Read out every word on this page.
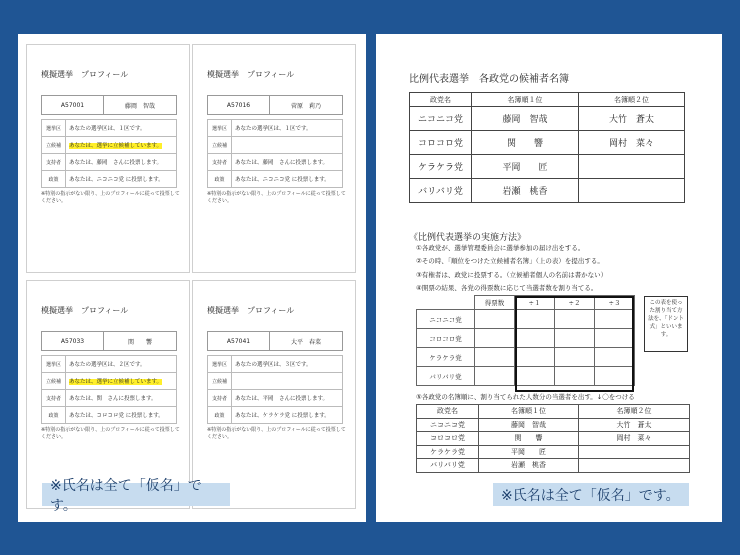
模擬選挙　プロフィール
A57001	藤岡　智哉
選挙区	あなたの選挙区は、１区です。
立候補	あなたは、選挙に立候補しています。
支持者	あなたは、藤岡　さんに投票します。
政策	あなたは、ニコニコ党 に投票します。
※特別の指示がない限り、上のプロフィールに従って投票してください。
模擬選挙　プロフィール
A57016	菅原　莉乃
選挙区	あなたの選挙区は、１区です。
立候補	
支持者	あなたは、藤岡　さんに投票します。
政策	あなたは、ニコニコ党 に投票します。
※特別の指示がない限り、上のプロフィールに従って投票してください。
模擬選挙　プロフィール
A57033	関　　響
選挙区	あなたの選挙区は、２区です。
立候補	あなたは、選挙に立候補しています。
支持者	あなたは、関　さんに投票します。
政策	あなたは、コロコロ党 に投票します。
※特別の指示がない限り、上のプロフィールに従って投票してください。
模擬選挙　プロフィール
A57041	大平　春菜
選挙区	あなたの選挙区は、３区です。
立候補	
支持者	あなたは、平岡　さんに投票します。
政策	あなたは、ケラケラ党 に投票します。
※特別の指示がない限り、上のプロフィールに従って投票してください。
※氏名は全て「仮名」です。
比例代表選挙　各政党の候補者名簿
政党名	名簿順１位	名簿順２位
ニコニコ党	藤岡　智哉	大竹　蒼太
コロコロ党	関　　響	岡村　菜々
ケラケラ党	平岡　　匠	
バリバリ党	岩瀬　桃香	
《比例代表選挙の実施方法》
①各政党が、選挙管理委員会に選挙参加の届け出をする。
②その時、「順位をつけた立候補者名簿」（上の表）を提出する。
③有権者は、政党に投票する。（立候補者個人の名前は書かない）
④開票の結果、各党の得票数に応じて当選者数を割り当てる。
	得票数	÷１	÷２	÷３
ニコニコ党				
コロコロ党				
ケラケラ党				
バリバリ党				
この表を使った割り当て方法を、「ドント式」といいます。
⑤各政党の名簿順に、割り当てられた人数分の当選者を出す。↓〇をつける
政党名	名簿順１位	名簿順２位
ニコニコ党	藤岡　智哉	大竹　蒼太
コロコロ党	関　　響	岡村　菜々
ケラケラ党	平岡　　匠	
バリバリ党	岩瀬　桃香	
※氏名は全て「仮名」です。
